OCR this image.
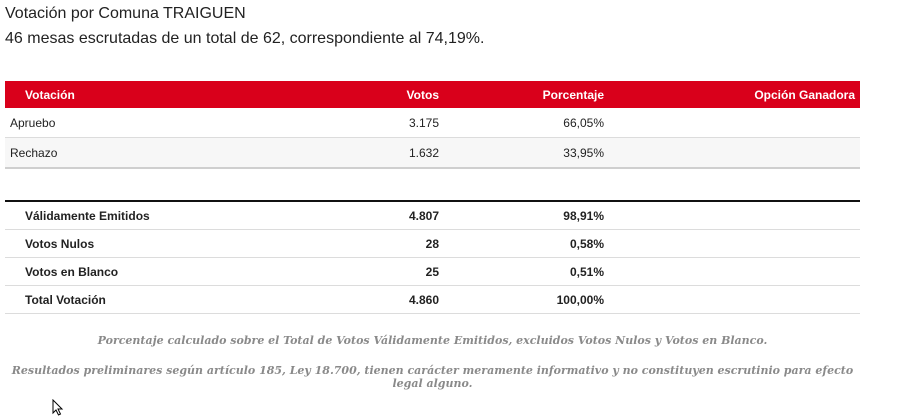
Votación por Comuna TRAIGUEN
46 mesas escrutadas de un total de 62, correspondiente al 74,19%.
Votación	Votos	Porcentaje	Opción Ganadora
Apruebo	3.175	66,05%	
Rechazo	1.632	33,95%	
Válidamente Emitidos	4.807	98,91%	
Votos Nulos	28	0,58%	
Votos en Blanco	25	0,51%	
Total Votación	4.860	100,00%	
Porcentaje calculado sobre el Total de Votos Válidamente Emitidos, excluidos Votos Nulos y Votos en Blanco.
Resultados preliminares según artículo 185, Ley 18.700, tienen carácter meramente informativo y no constituyen escrutinio para efecto legal alguno.
